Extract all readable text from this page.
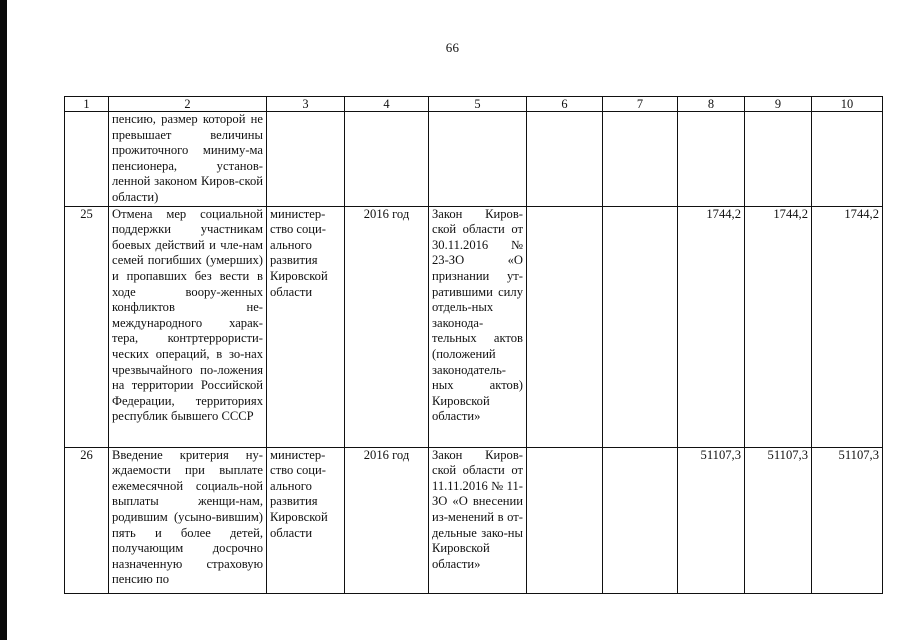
66
1	2	3	4	5	6	7	8	9	10
	пенсию, размер которой не превышает величины прожиточного миниму-ма пенсионера, установ-ленной законом Киров-ской области)								
25	Отмена мер социальной поддержки участникам боевых действий и чле-нам семей погибших (умерших) и пропавших без вести в ходе воору-женных конфликтов не-международного харак-тера, контртеррористи-ческих операций, в зо-нах чрезвычайного по-ложения на территории Российской Федерации, территориях республик бывшего СССР	министер-ство соци-ального развития Кировской области	2016 год	Закон Киров-ской области от 30.11.2016 № 23-ЗО «О признании ут-ратившими силу отдель-ных законода-тельных актов (положений законодатель-ных актов) Кировской области»			1744,2	1744,2	1744,2
26	Введение критерия ну-ждаемости при выплате ежемесячной социаль-ной выплаты женщи-нам, родившим (усыно-вившим) пять и более детей, получающим досрочно назначенную страховую пенсию по	министер-ство соци-ального развития Кировской области	2016 год	Закон Киров-ской области от 11.11.2016 № 11-ЗО «О внесении из-менений в от-дельные зако-ны Кировской области»			51107,3	51107,3	51107,3
